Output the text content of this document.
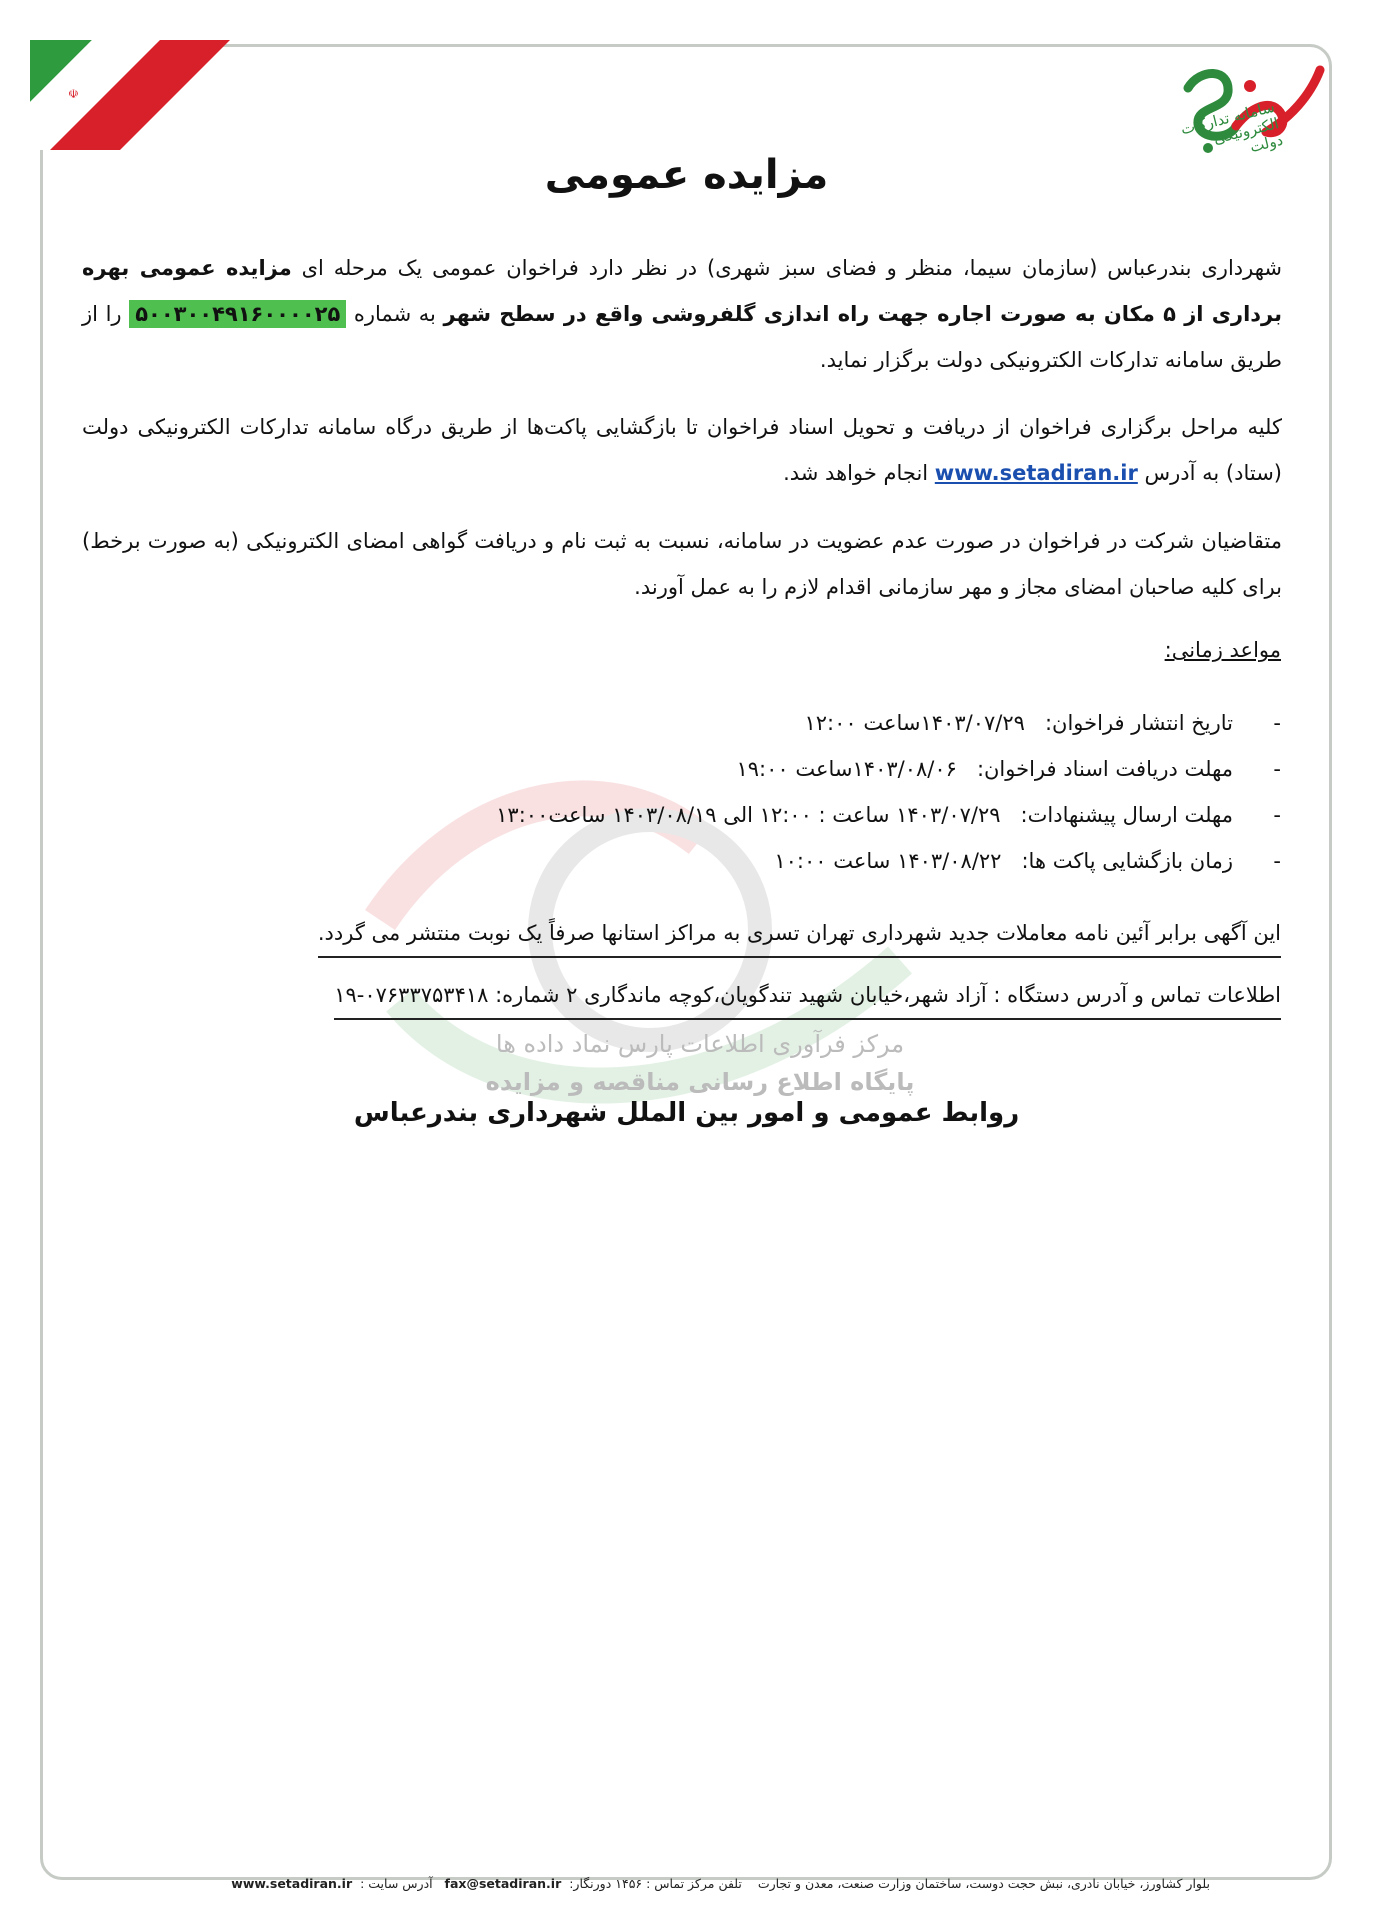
☫
سامانه تدارکات الکترونیکی دولت
مزایده عمومی
شهرداری بندرعباس (سازمان سیما، منظر و فضای سبز شهری) در نظر دارد فراخوان عمومی یک مرحله ای مزایده عمومی بهره برداری از ۵ مکان به صورت اجاره جهت راه اندازی گلفروشی واقع در سطح شهر به شماره ۵۰۰۳۰۰۴۹۱۶۰۰۰۰۲۵ را از طریق سامانه تدارکات الکترونیکی دولت برگزار نماید.
کلیه مراحل برگزاری فراخوان از دریافت و تحویل اسناد فراخوان تا بازگشایی پاکت‌ها از طریق درگاه سامانه تدارکات الکترونیکی دولت (ستاد) به آدرس www.setadiran.ir انجام خواهد شد.
متقاضیان شرکت در فراخوان در صورت عدم عضویت در سامانه، نسبت به ثبت نام و دریافت گواهی امضای الکترونیکی (به صورت برخط) برای کلیه صاحبان امضای مجاز و مهر سازمانی اقدام لازم را به عمل آورند.
مرکز فرآوری اطلاعات پارس نماد داده ها
پایگاه اطلاع رسانی مناقصه و مزایده
مواعد زمانی:
-تاریخ انتشار فراخوان:   ۱۴۰۳/۰۷/۲۹ساعت ۱۲:۰۰
-مهلت دریافت اسناد فراخوان:   ۱۴۰۳/۰۸/۰۶ساعت ۱۹:۰۰
-مهلت ارسال پیشنهادات:   ۱۴۰۳/۰۷/۲۹ ساعت : ۱۲:۰۰ الی ۱۴۰۳/۰۸/۱۹ ساعت۱۳:۰۰
-زمان بازگشایی پاکت ها:   ۱۴۰۳/۰۸/۲۲ ساعت ۱۰:۰۰
این آگهی برابر آئین نامه معاملات جدید شهرداری تهران تسری به مراکز استانها صرفاً یک نوبت منتشر می گردد.
اطلاعات تماس و آدرس دستگاه : آزاد شهر،خیابان شهید تندگویان،کوچه ماندگاری ۲ شماره: ۰۷۶۳۳۷۵۳۴۱۸-۱۹
روابط عمومی و امور بین الملل شهرداری بندرعباس
بلوار کشاورز، خیابان نادری، نبش حجت دوست، ساختمان وزارت صنعت، معدن و تجارت    تلفن مرکز تماس : ۱۴۵۶ دورنگار:  fax@setadiran.ir   آدرس سایت :  www.setadiran.ir
